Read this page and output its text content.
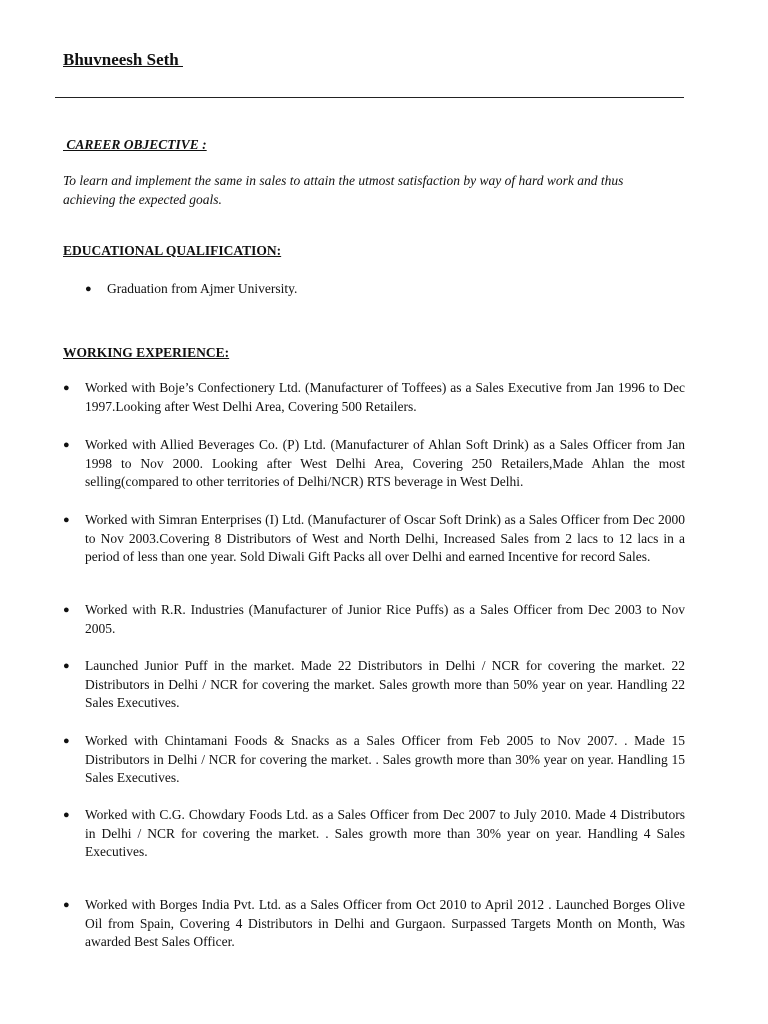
Bhuvneesh Seth
CAREER OBJECTIVE :
To learn and implement the same in sales to attain the utmost satisfaction by way of hard work and thus achieving the expected goals.
EDUCATIONAL QUALIFICATION:
● Graduation from Ajmer University.
WORKING EXPERIENCE:
● Worked with Boje’s Confectionery Ltd. (Manufacturer of Toffees) as a Sales Executive from Jan 1996 to Dec 1997.Looking after West Delhi Area, Covering 500 Retailers.
● Worked with Allied Beverages Co. (P) Ltd. (Manufacturer of Ahlan Soft Drink) as a Sales Officer from Jan 1998 to Nov 2000. Looking after West Delhi Area, Covering 250 Retailers,Made Ahlan the most selling(compared to other territories of Delhi/NCR) RTS beverage in West Delhi.
● Worked with Simran Enterprises (I) Ltd. (Manufacturer of Oscar Soft Drink) as a Sales Officer from Dec 2000 to Nov 2003.Covering 8 Distributors of West and North Delhi, Increased Sales from 2 lacs to 12 lacs in a period of less than one year. Sold Diwali Gift Packs all over Delhi and earned Incentive for record Sales.
● Worked with R.R. Industries (Manufacturer of Junior Rice Puffs) as a Sales Officer from Dec 2003 to Nov 2005.
● Launched Junior Puff in the market. Made 22 Distributors in Delhi / NCR for covering the market. 22 Distributors in Delhi / NCR for covering the market. Sales growth more than 50% year on year. Handling 22 Sales Executives.
● Worked with Chintamani Foods & Snacks as a Sales Officer from Feb 2005 to Nov 2007. . Made 15 Distributors in Delhi / NCR for covering the market. . Sales growth more than 30% year on year. Handling 15 Sales Executives.
● Worked with C.G. Chowdary Foods Ltd. as a Sales Officer from Dec 2007 to July 2010. Made 4 Distributors in Delhi / NCR for covering the market. . Sales growth more than 30% year on year. Handling 4 Sales Executives.
● Worked with Borges India Pvt. Ltd. as a Sales Officer from Oct 2010 to April 2012 . Launched Borges Olive Oil from Spain, Covering 4 Distributors in Delhi and Gurgaon. Surpassed Targets Month on Month, Was awarded Best Sales Officer.
